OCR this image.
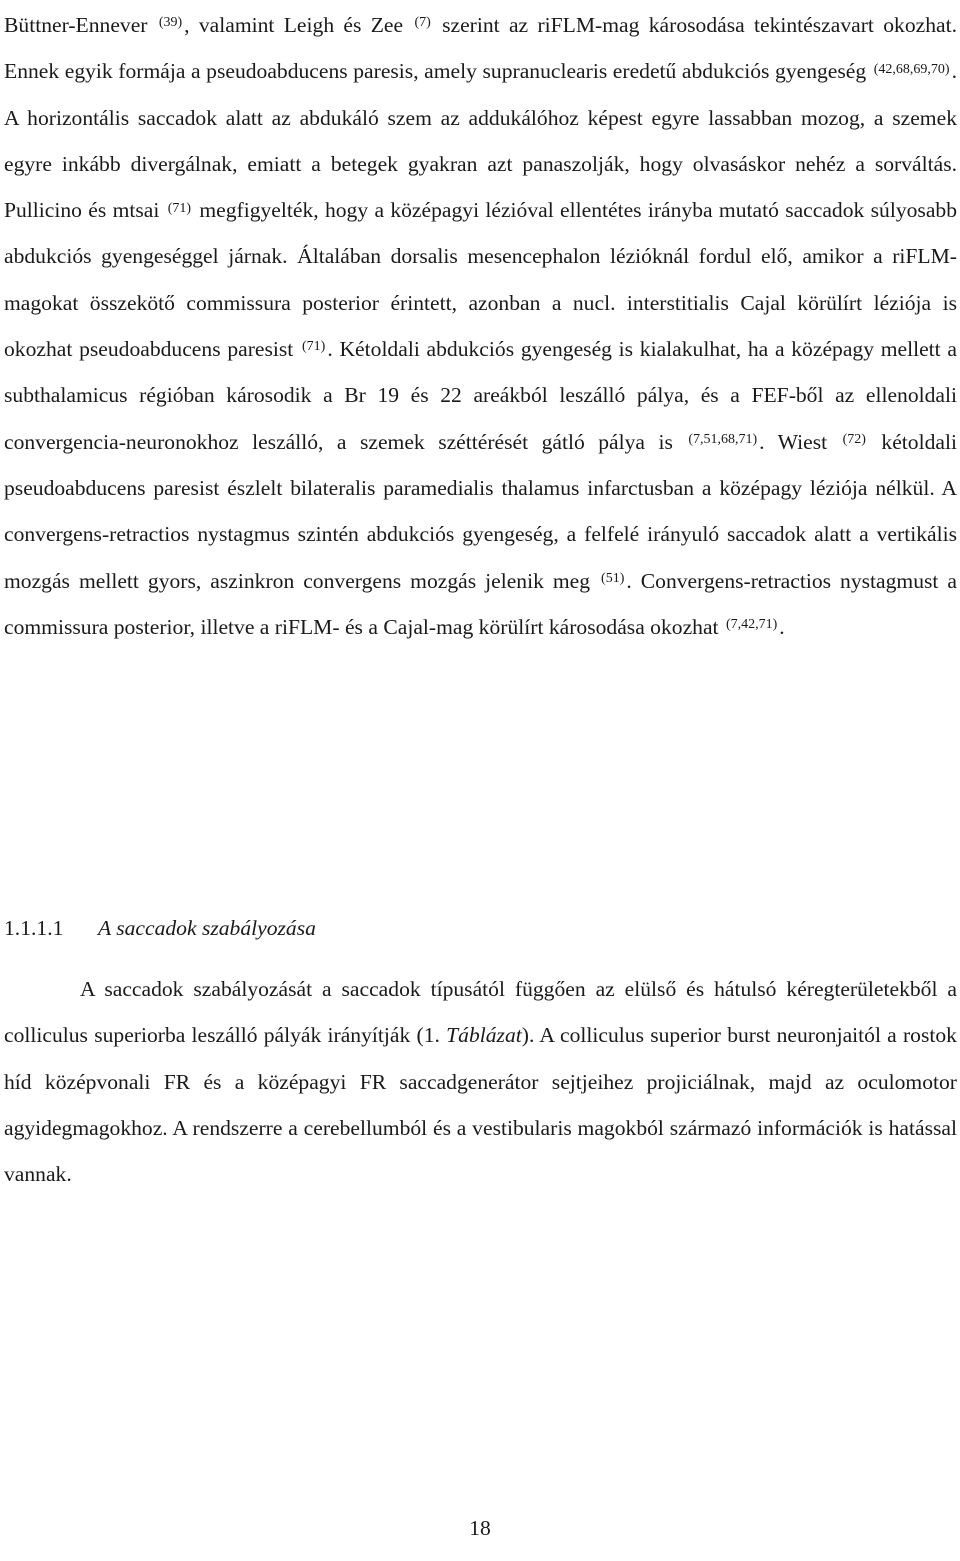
Büttner-Ennever $^{(39)}$, valamint Leigh és Zee $^{(7)}$ szerint az riFLM-mag károsodása tekintészavart okozhat. Ennek egyik formája a pseudoabducens paresis, amely supranuclearis eredetű abdukciós gyengeség $^{(42,68,69,70)}$. A horizontális saccadok alatt az abdukáló szem az addukálóhoz képest egyre lassabban mozog, a szemek egyre inkább divergálnak, emiatt a betegek gyakran azt panaszolják, hogy olvasáskor nehéz a sorváltás. Pullicino és mtsai $^{(71)}$ megfigyelték, hogy a középagyi lézióval ellentétes irányba mutató saccadok súlyosabb abdukciós gyengeséggel járnak. Általában dorsalis mesencephalon lézióknál fordul elő, amikor a riFLM-magokat összekötő commissura posterior érintett, azonban a nucl. interstitialis Cajal körülírt léziója is okozhat pseudoabducens paresist $^{(71)}$. Kétoldali abdukciós gyengeség is kialakulhat, ha a középagy mellett a subthalamicus régióban károsodik a Br 19 és 22 areákból leszálló pálya, és a FEF-ből az ellenoldali convergencia-neuronokhoz leszálló, a szemek széttérését gátló pálya is $^{(7,51,68,71)}$. Wiest $^{(72)}$ kétoldali pseudoabducens paresist észlelt bilateralis paramedialis thalamus infarctusban a középagy léziója nélkül. A convergens-retractios nystagmus szintén abdukciós gyengeség, a felfelé irányuló saccadok alatt a vertikális mozgás mellett gyors, aszinkron convergens mozgás jelenik meg $^{(51)}$. Convergens-retractios nystagmust a commissura posterior, illetve a riFLM- és a Cajal-mag körülírt károsodása okozhat $^{(7,42,71)}$.

1.1.1.1 A saccadok szabályozása

A saccadok szabályozását a saccadok típusától függően az elülső és hátulsó kéregterületekből a colliculus superiorba leszálló pályák irányítják (1. Táblázat). A colliculus superior burst neuronjaitól a rostok híd középvonali FR és a középagyi FR saccadgenerátor sejtjeihez projiciálnak, majd az oculomotor agyidegmagokhoz. A rendszerre a cerebellumból és a vestibularis magokból származó információk is hatással vannak.

18
